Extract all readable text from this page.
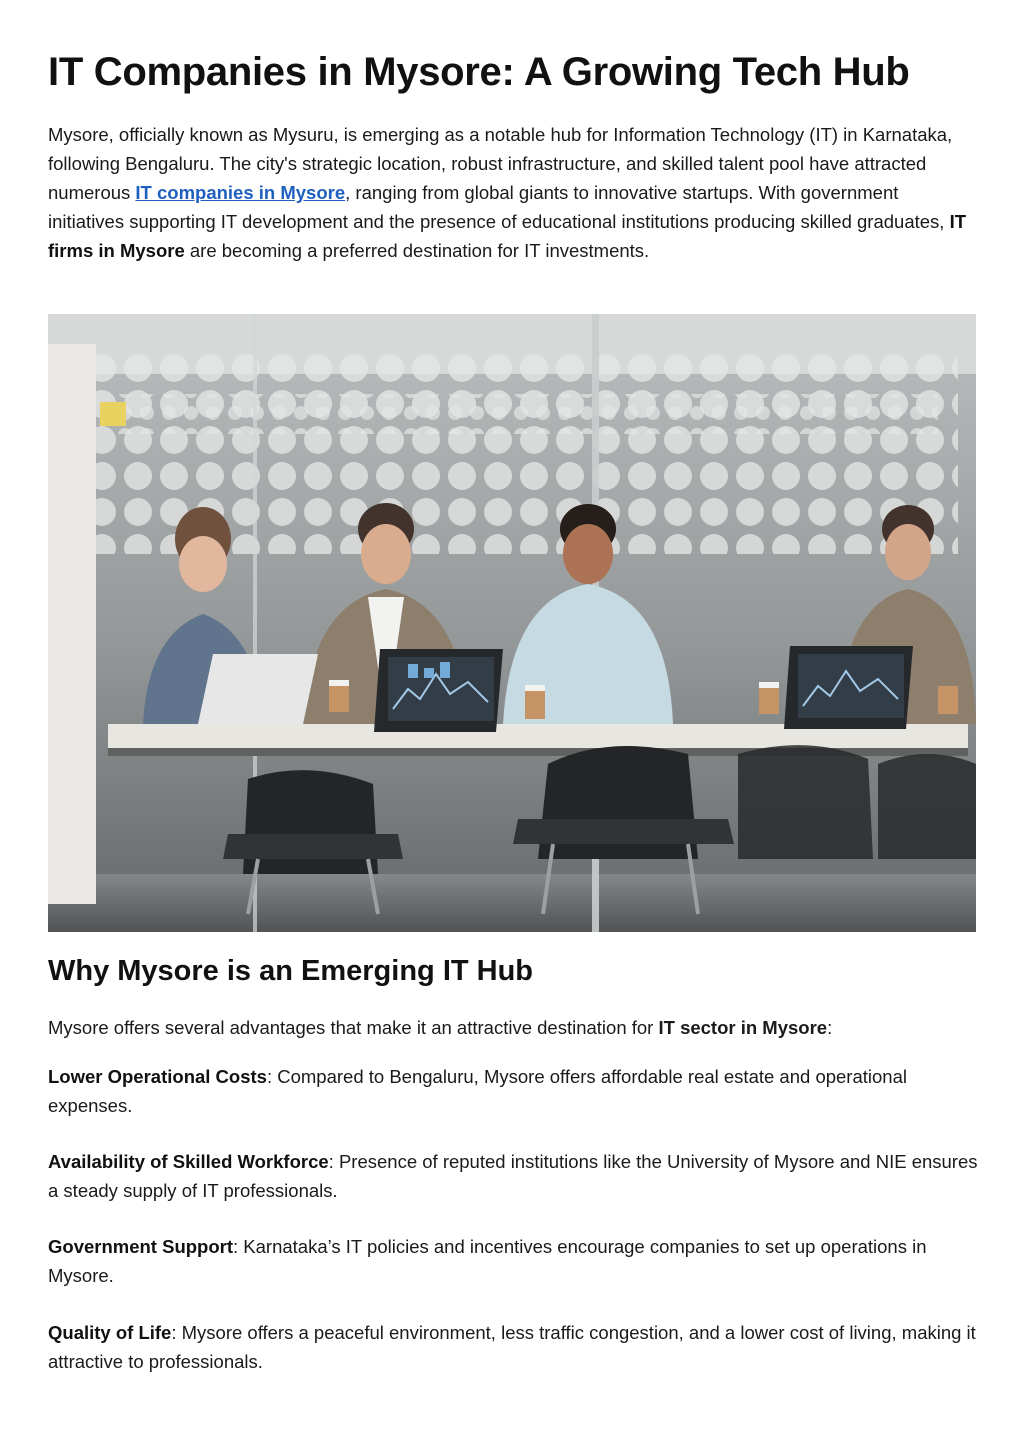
IT Companies in Mysore: A Growing Tech Hub

Mysore, officially known as Mysuru, is emerging as a notable hub for Information Technology (IT) in Karnataka, following Bengaluru. The city's strategic location, robust infrastructure, and skilled talent pool have attracted numerous IT companies in Mysore, ranging from global giants to innovative startups. With government initiatives supporting IT development and the presence of educational institutions producing skilled graduates, IT firms in Mysore are becoming a preferred destination for IT investments.

Why Mysore is an Emerging IT Hub

Mysore offers several advantages that make it an attractive destination for IT sector in Mysore:

Lower Operational Costs: Compared to Bengaluru, Mysore offers affordable real estate and operational expenses.

Availability of Skilled Workforce: Presence of reputed institutions like the University of Mysore and NIE ensures a steady supply of IT professionals.

Government Support: Karnataka’s IT policies and incentives encourage companies to set up operations in Mysore.

Quality of Life: Mysore offers a peaceful environment, less traffic congestion, and a lower cost of living, making it attractive to professionals.
